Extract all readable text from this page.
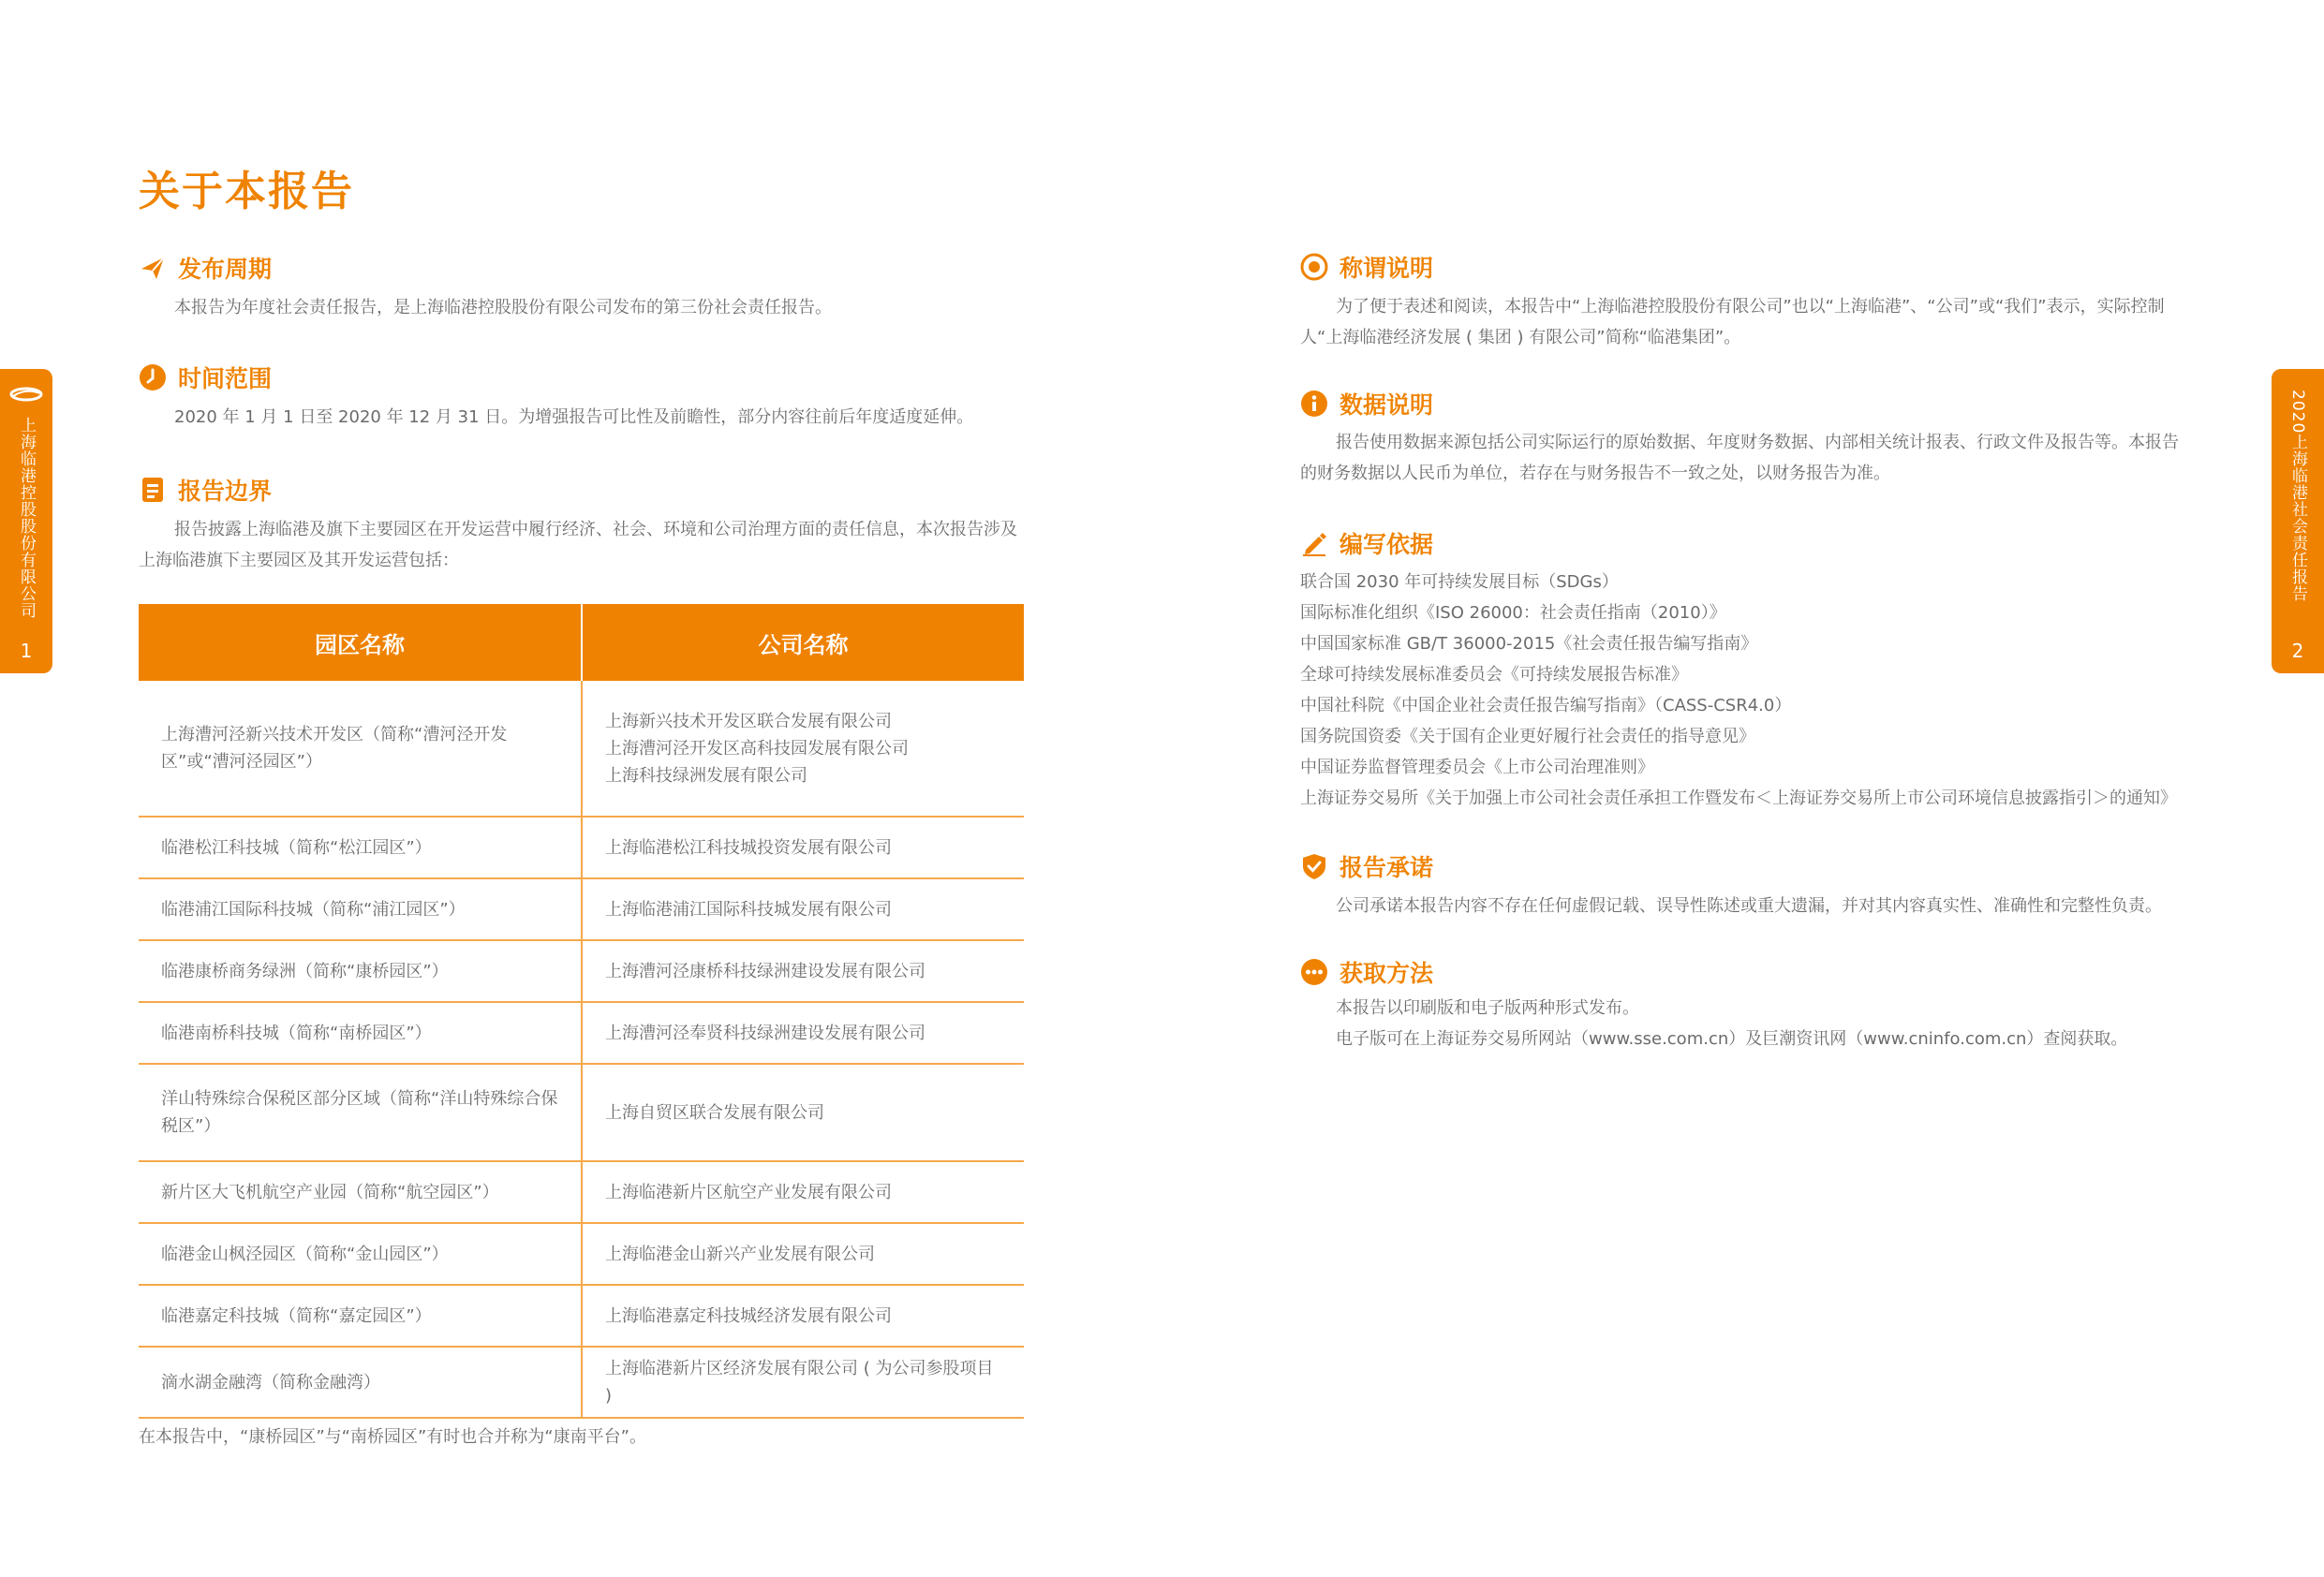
上海临港控股股份有限公司
1
2020上海临港社会责任报告
2
关于本报告
发布周期
本报告为年度社会责任报告，是上海临港控股股份有限公司发布的第三份社会责任报告。
时间范围
2020 年 1 月 1 日至 2020 年 12 月 31 日。为增强报告可比性及前瞻性，部分内容往前后年度适度延伸。
报告边界
报告披露上海临港及旗下主要园区在开发运营中履行经济、社会、环境和公司治理方面的责任信息，本次报告涉及上海临港旗下主要园区及其开发运营包括：
园区名称	公司名称
上海漕河泾新兴技术开发区（简称“漕河泾开发区”或“漕河泾园区”）	上海新兴技术开发区联合发展有限公司
上海漕河泾开发区高科技园发展有限公司
上海科技绿洲发展有限公司

临港松江科技城（简称“松江园区”）	上海临港松江科技城投资发展有限公司
临港浦江国际科技城（简称“浦江园区”）	上海临港浦江国际科技城发展有限公司
临港康桥商务绿洲（简称“康桥园区”）	上海漕河泾康桥科技绿洲建设发展有限公司
临港南桥科技城（简称“南桥园区”）	上海漕河泾奉贤科技绿洲建设发展有限公司
洋山特殊综合保税区部分区域（简称“洋山特殊综合保税区”）	上海自贸区联合发展有限公司
新片区大飞机航空产业园（简称“航空园区”）	上海临港新片区航空产业发展有限公司
临港金山枫泾园区（简称“金山园区”）	上海临港金山新兴产业发展有限公司
临港嘉定科技城（简称“嘉定园区”）	上海临港嘉定科技城经济发展有限公司
滴水湖金融湾（简称金融湾）	上海临港新片区经济发展有限公司 ( 为公司参股项目 )
在本报告中，“康桥园区”与“南桥园区”有时也合并称为“康南平台”。
称谓说明
为了便于表述和阅读，本报告中“上海临港控股股份有限公司”也以“上海临港”、“公司”或“我们”表示，实际控制人“上海临港经济发展 ( 集团 ) 有限公司”简称“临港集团”。
数据说明
报告使用数据来源包括公司实际运行的原始数据、年度财务数据、内部相关统计报表、行政文件及报告等。本报告的财务数据以人民币为单位，若存在与财务报告不一致之处，以财务报告为准。
编写依据
联合国 2030 年可持续发展目标（SDGs）
国际标准化组织《ISO 26000：社会责任指南（2010）》
中国国家标准 GB/T 36000-2015《社会责任报告编写指南》
全球可持续发展标准委员会《可持续发展报告标准》
中国社科院《中国企业社会责任报告编写指南》（CASS-CSR4.0）
国务院国资委《关于国有企业更好履行社会责任的指导意见》
中国证券监督管理委员会《上市公司治理准则》
上海证券交易所《关于加强上市公司社会责任承担工作暨发布＜上海证券交易所上市公司环境信息披露指引＞的通知》
报告承诺
公司承诺本报告内容不存在任何虚假记载、误导性陈述或重大遗漏，并对其内容真实性、准确性和完整性负责。
获取方法
本报告以印刷版和电子版两种形式发布。
电子版可在上海证券交易所网站（www.sse.com.cn）及巨潮资讯网（www.cninfo.com.cn）查阅获取。
